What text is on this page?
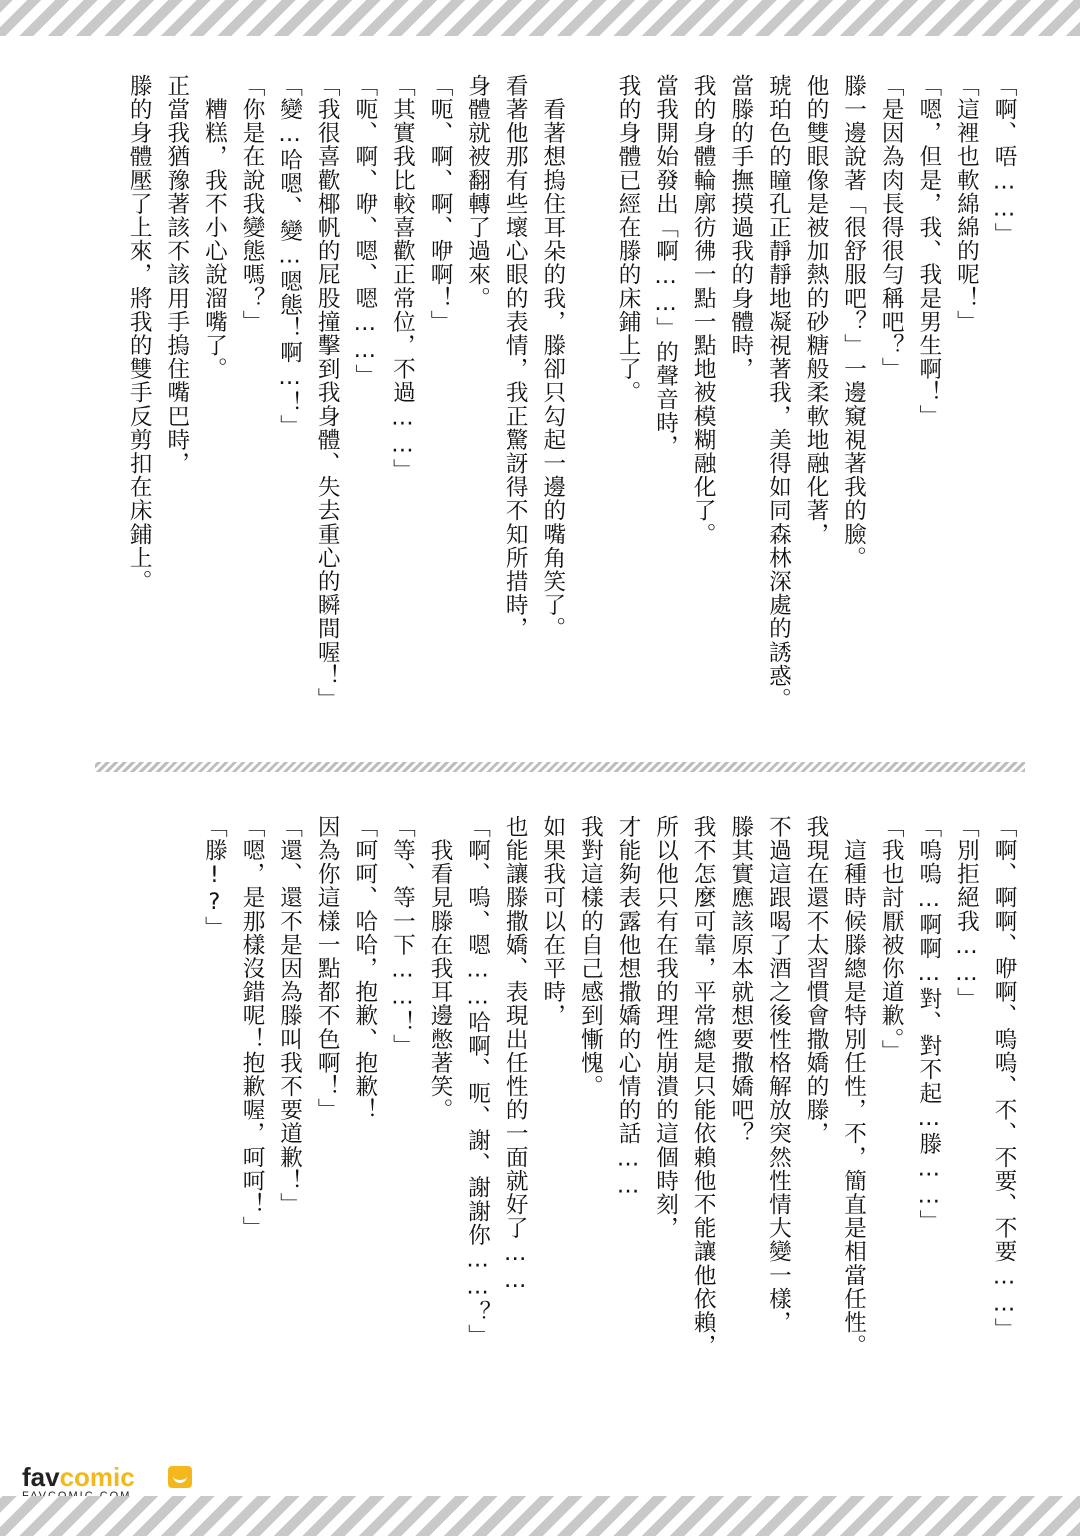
「啊、唔……」
「這裡也軟綿綿的呢！」
「嗯，但是，我、我是男生啊！」
「是因為肉長得很勻稱吧？」
滕一邊說著「很舒服吧？」一邊窺視著我的臉。
他的雙眼像是被加熱的砂糖般柔軟地融化著，
琥珀色的瞳孔正靜靜地凝視著我，美得如同森林深處的誘惑。
當滕的手撫摸過我的身體時，
我的身體輪廓彷彿一點一點地被模糊融化了。
當我開始發出「啊……」的聲音時，
我的身體已經在滕的床鋪上了。
　看著想摀住耳朵的我，滕卻只勾起一邊的嘴角笑了。
看著他那有些壞心眼的表情，我正驚訝得不知所措時，
身體就被翻轉了過來。
「呃、啊、啊、咿啊！」
「其實我比較喜歡正常位，不過……」
「呃、啊、咿、嗯、嗯……」
「我很喜歡椰帆的屁股撞擊到我身體、失去重心的瞬間喔！」
「變…哈嗯、變…嗯態！啊…！」
「你是在說我變態嗎？」
　糟糕，我不小心說溜嘴了。
正當我猶豫著該不該用手摀住嘴巴時，
滕的身體壓了上來，將我的雙手反剪扣在床鋪上。
「啊、啊啊、咿啊、嗚嗚、不、不要、不要……」
「別拒絕我……」
「嗚嗚…啊啊…對、對不起…滕……」
「我也討厭被你道歉。」
　這種時候滕總是特別任性，不，簡直是相當任性。
我現在還不太習慣會撒嬌的滕，
不過這跟喝了酒之後性格解放突然性情大變一樣，
滕其實應該原本就想要撒嬌吧？
我不怎麼可靠，平常總是只能依賴他不能讓他依賴，
所以他只有在我的理性崩潰的這個時刻，
才能夠表露他想撒嬌的心情的話……
我對這樣的自己感到慚愧。
如果我可以在平時，
也能讓滕撒嬌、表現出任性的一面就好了……
「啊、嗚、嗯……哈啊、呃、謝、謝謝你……？」
　我看見滕在我耳邊憋著笑。
「等、等一下……！」
「呵呵、哈哈，抱歉、抱歉！
因為你這樣一點都不色啊！」
「還、還不是因為滕叫我不要道歉！」
「嗯，是那樣沒錯呢！抱歉喔，呵呵！」
「滕!?」
favcomic
